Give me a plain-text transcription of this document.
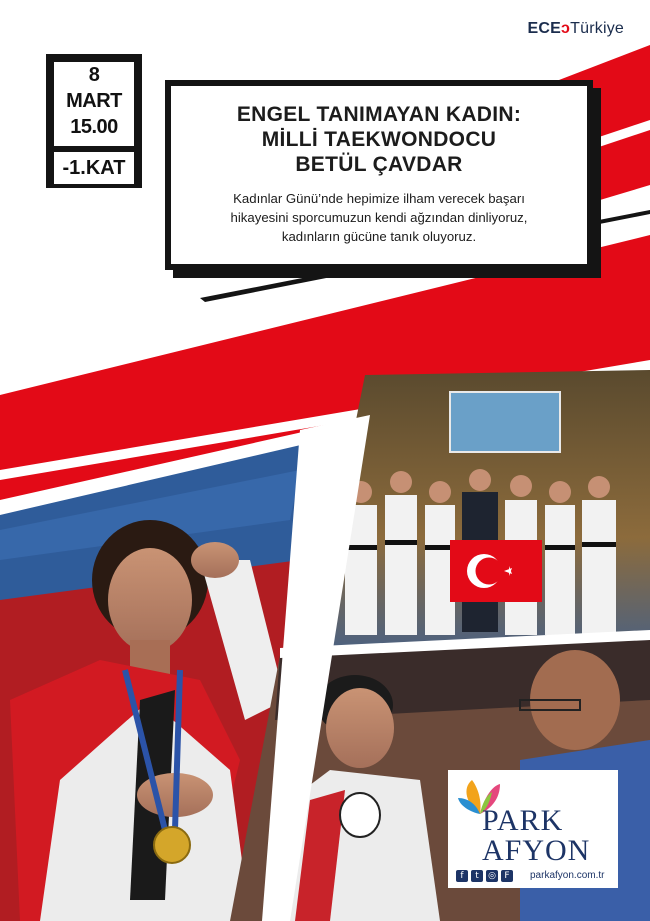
ECEͻTürkiye
8
MART
15.00
-1.KAT
ENGEL TANIMAYAN KADIN:
MİLLİ TAEKWONDOCU
BETÜL ÇAVDAR
Kadınlar Günü’nde hepimize ilham verecek başarı
hikayesini sporcumuzun kendi ağzından dinliyoruz,
kadınların gücüne tanık oluyoruz.
PARK
AFYON
f	t	◎ F	parkafyon.com.tr
